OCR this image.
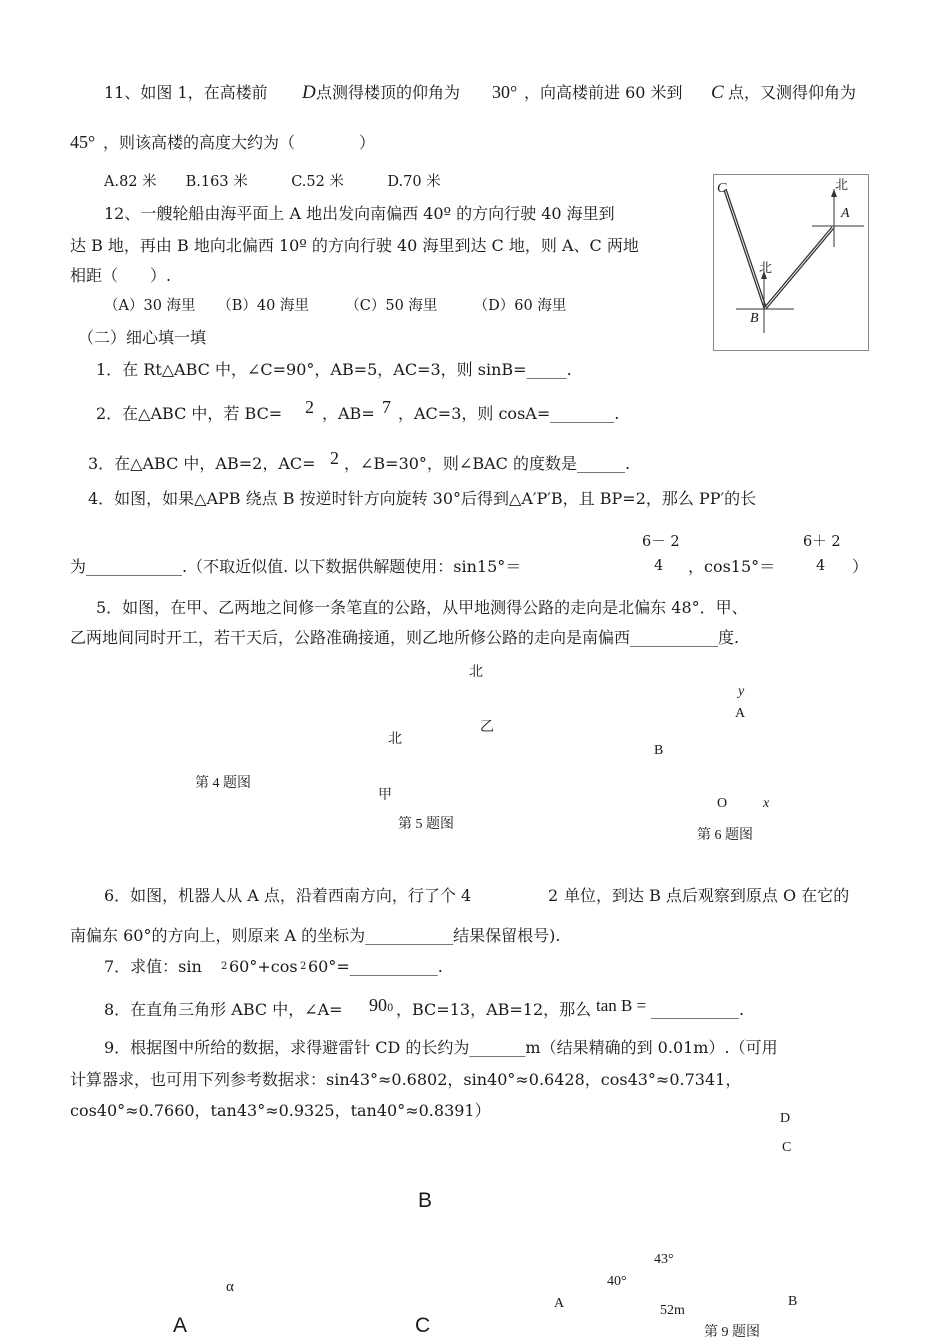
11、如图 1，在高楼前 D 点测得楼顶的仰角为 30° ，向高楼前进 60 米到 C 点，又测得仰角为
45° ，则该高楼的高度大约为（　　　　）
A.82 米　　B.163 米　　　C.52 米　　　D.70 米
12、一艘轮船由海平面上 A 地出发向南偏西 40º 的方向行驶 40 海里到
达 B 地，再由 B 地向北偏西 10º 的方向行驶 40 海里到达 C 地，则 A、C 两地
相距（　　）.
（A）30 海里　　（B）40 海里　　　（C）50 海里　　　（D）60 海里
C
A
B
北
北
（二）细心填一填
1．在 Rt△ABC 中，∠C=90°，AB=5，AC=3，则 sinB=_____.
2．在△ABC 中，若 BC= 2 ，AB= 7 ，AC=3，则 cosA=________.
3．在△ABC 中，AB=2，AC= 2 ，∠B=30°，则∠BAC 的度数是______.
4．如图，如果△APB 绕点 B 按逆时针方向旋转 30°后得到△A′P′B，且 BP=2，那么 PP′的长
为____________.（不取近似值. 以下数据供解题使用：sin15°＝
6－ 2
4 ，cos15°＝
6＋ 2
4 ）
5．如图，在甲、乙两地之间修一条笔直的公路，从甲地测得公路的走向是北偏东 48°．甲、
乙两地间同时开工，若干天后，公路准确接通，则乙地所修公路的走向是南偏西___________度.
北
y
A
乙
北
B
第 4 题图
甲
O	x
第 5 题图
第 6 题图
6．如图，机器人从 A 点，沿着西南方向，行了个 4	2 单位，到达 B 点后观察到原点 O 在它的
南偏东 60°的方向上，则原来 A 的坐标为___________结果保留根号).
7．求值：sin 2 60°+cos 2 60°=___________.
8．在直角三角形 ABC 中，∠A= 90 0 ，BC=13，AB=12，那么 tan B = ___________.
9．根据图中所给的数据，求得避雷针 CD 的长约为_______m（结果精确的到 0.01m）.（可用
计算器求，也可用下列参考数据求：sin43°≈0.6802，sin40°≈0.6428，cos43°≈0.7341，
cos40°≈0.7660，tan43°≈0.9325，tan40°≈0.8391）	D
C
B
43°
40°
α
A	B
52m
A	C	第 9 题图
